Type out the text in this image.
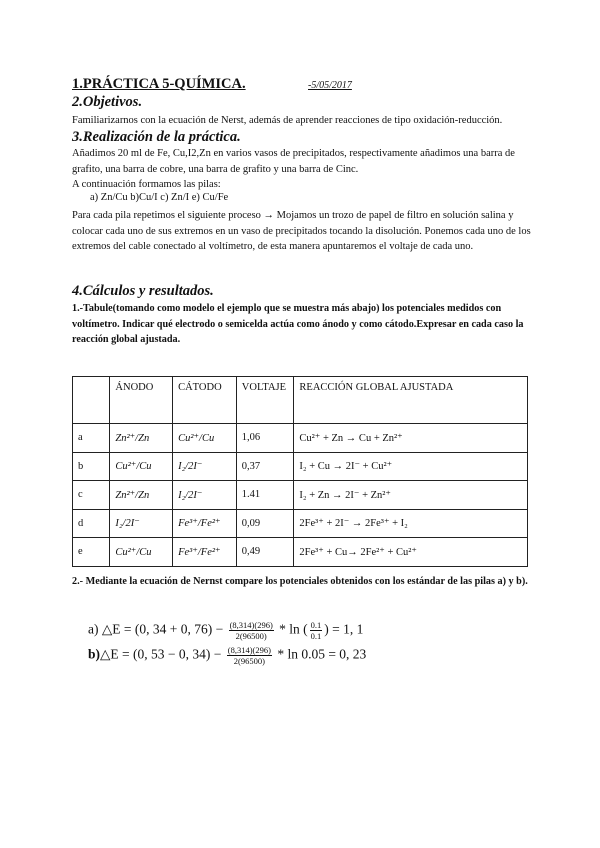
1.PRÁCTICA 5-QUÍMICA.	-5/05/2017
2.Objetivos.
Familiarizarnos con la ecuación de Nerst, además de aprender reacciones de tipo oxidación-reducción.
3.Realización de la práctica.
Añadimos 20 ml de Fe, Cu,I2,Zn en varios vasos de precipitados, respectivamente añadimos una barra de grafito, una barra de cobre, una barra de grafito y una barra de Cinc.
A continuación formamos las pilas:
a) Zn/Cu b)Cu/I c) Zn/I e) Cu/Fe
Para cada pila repetimos el siguiente proceso → Mojamos un trozo de papel de filtro en solución salina y colocar cada uno de sus extremos en un vaso de precipitados tocando la disolución. Ponemos cada uno de los extremos del cable conectado al voltímetro, de esta manera apuntaremos el voltaje de cada uno.
4.Cálculos y resultados.
1.-Tabule(tomando como modelo el ejemplo que se muestra más abajo) los potenciales medidos con voltímetro. Indicar qué electrodo o semicelda actúa como ánodo y como cátodo.Expresar en cada caso la reacción global ajustada.
	ÁNODO	CÁTODO	VOLTAJE	REACCIÓN GLOBAL AJUSTADA
a	Zn²⁺/Zn	Cu²⁺/Cu	1,06	Cu²⁺ + Zn → Cu + Zn²⁺
b	Cu²⁺/Cu	I₂/2I⁻	0,37	I₂ + Cu → 2I⁻ + Cu²⁺
c	Zn²⁺/Zn	I₂/2I⁻	1.41	I₂ + Zn → 2I⁻ + Zn²⁺
d	I₂/2I⁻	Fe³⁺/Fe²⁺	0,09	2Fe³⁺ + 2I⁻ → 2Fe³⁺ + I₂
e	Cu²⁺/Cu	Fe³⁺/Fe²⁺	0,49	2Fe³⁺ + Cu→ 2Fe²⁺ + Cu²⁺
2.- Mediante la ecuación de Nernst compare los potenciales obtenidos con los estándar de las pilas a) y b).
a) △E = (0, 34 + 0, $76) - \frac{(8,314)(296)}{2(96500)} * \ln$ ( $\frac{0.1}{0.1}$ ) = 1, 1
b)△E = (0, 53 − 0, $34) - \frac{(8,314)(296)}{2(96500)} * \ln 0.05 = 0$, 23
